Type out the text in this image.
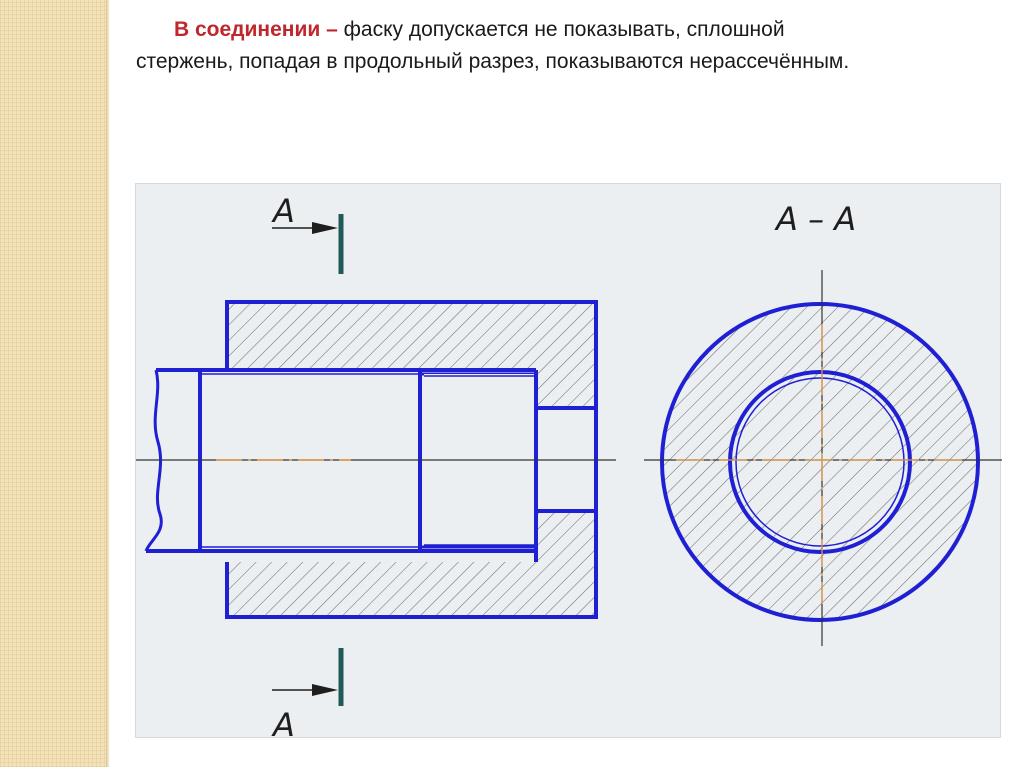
В соединении – фаску допускается не показывать, сплошной
стержень, попадая в продольный разрез, показываются нерассечённым.
А
А
А – А
